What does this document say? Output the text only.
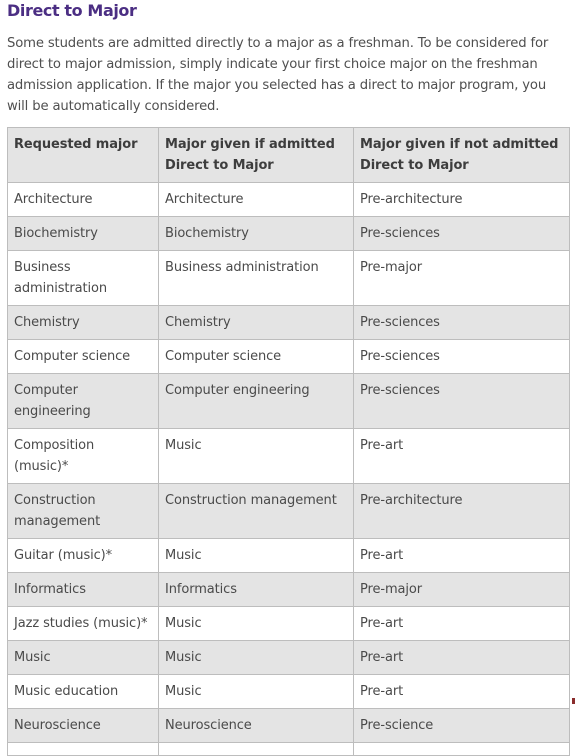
Direct to Major

Some students are admitted directly to a major as a freshman. To be considered for direct to major admission, simply indicate your first choice major on the freshman admission application. If the major you selected has a direct to major program, you will be automatically considered.

Requested major	Major given if admitted Direct to Major	Major given if not admitted Direct to Major
Architecture	Architecture	Pre-architecture
Biochemistry	Biochemistry	Pre-sciences
Business administration	Business administration	Pre-major
Chemistry	Chemistry	Pre-sciences
Computer science	Computer science	Pre-sciences
Computer engineering	Computer engineering	Pre-sciences
Composition (music)*	Music	Pre-art
Construction management	Construction management	Pre-architecture
Guitar (music)*	Music	Pre-art
Informatics	Informatics	Pre-major
Jazz studies (music)*	Music	Pre-art
Music	Music	Pre-art
Music education	Music	Pre-art
Neuroscience	Neuroscience	Pre-science
